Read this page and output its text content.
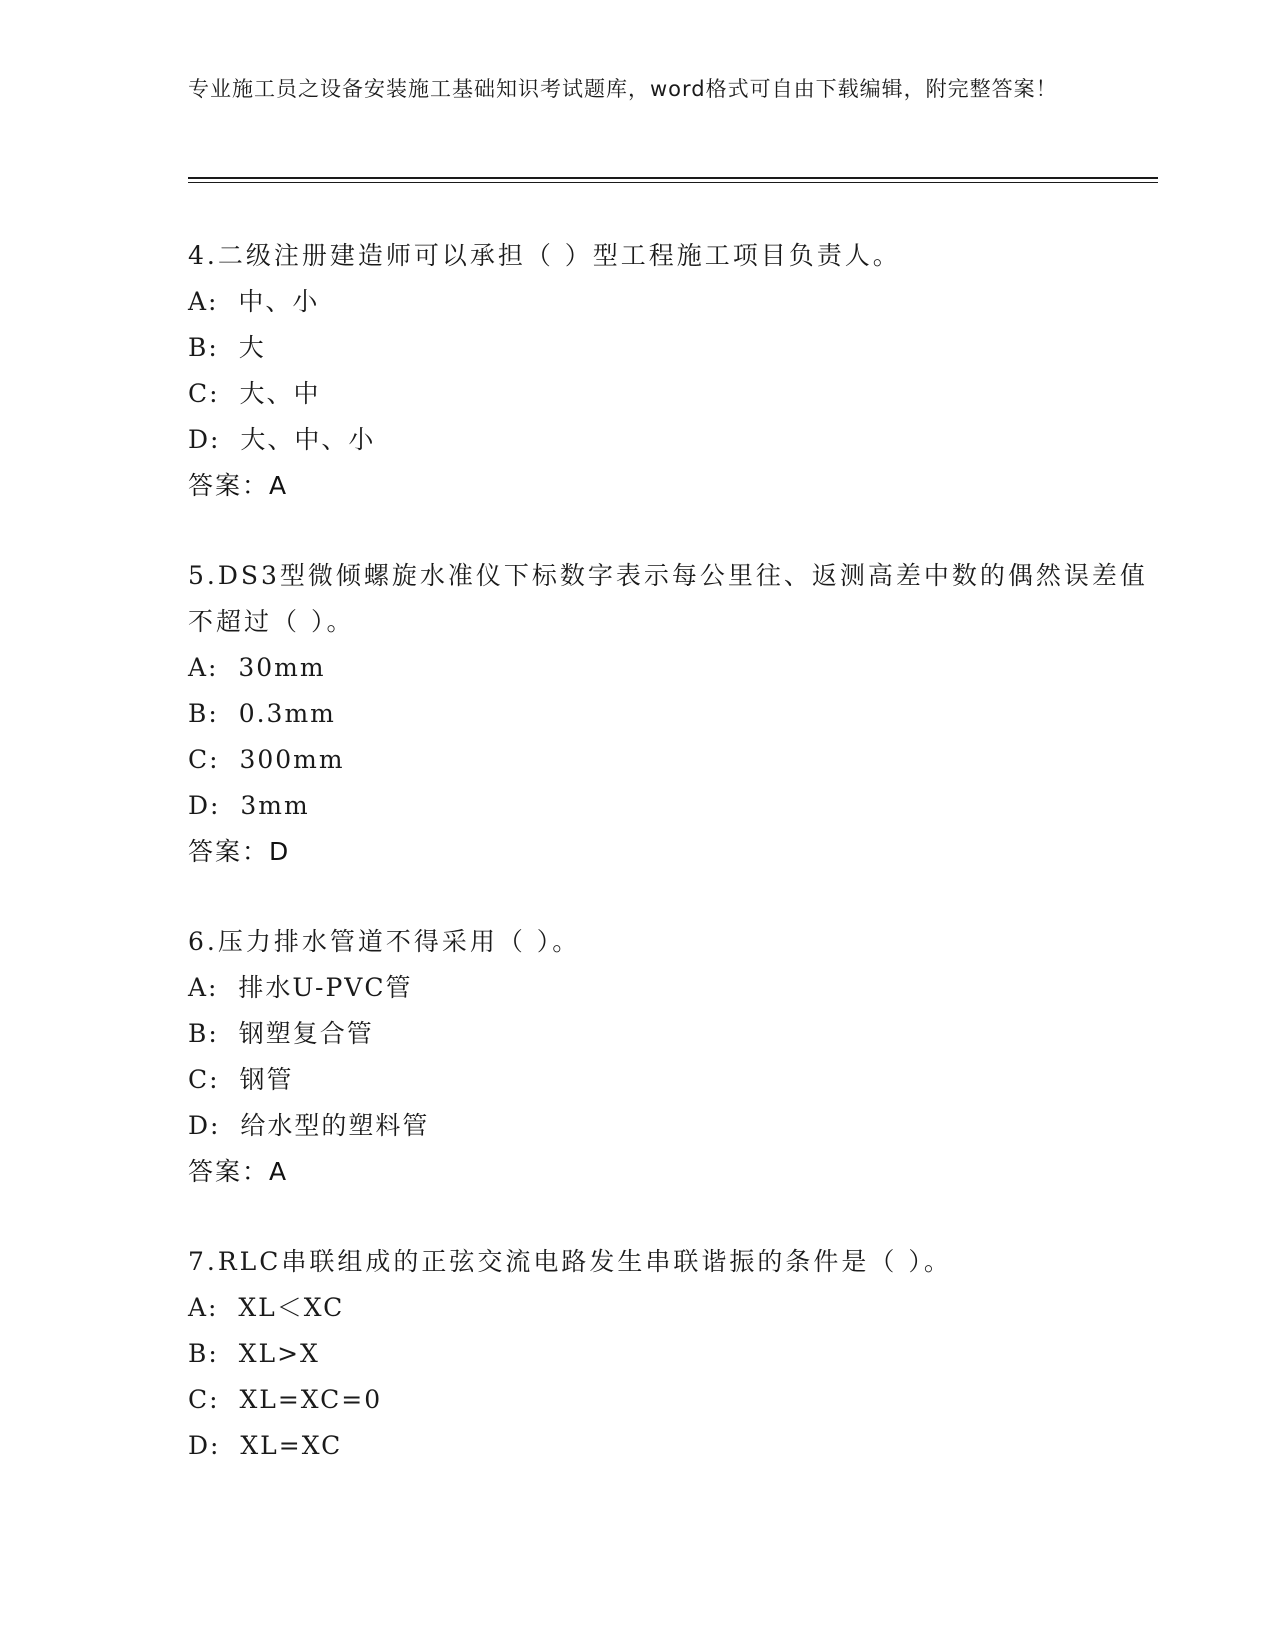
专业施工员之设备安装施工基础知识考试题库，word格式可自由下载编辑，附完整答案！

4.二级注册建造师可以承担（ ）型工程施工项目负责人。

A:  中、小

B:  大

C:  大、中

D:  大、中、小

答案：A

5.DS3型微倾螺旋水准仪下标数字表示每公里往、返测高差中数的偶然误差值不超过（ ）。

A:  30mm

B:  0.3mm

C:  300mm

D:  3mm

答案：D

6.压力排水管道不得采用（ ）。

A:  排水U-PVC管

B:  钢塑复合管

C:  钢管

D:  给水型的塑料管

答案：A

7.RLC串联组成的正弦交流电路发生串联谐振的条件是（ ）。

A:  XL＜XC

B:  XL>X

C:  XL=XC=0

D:  XL=XC
